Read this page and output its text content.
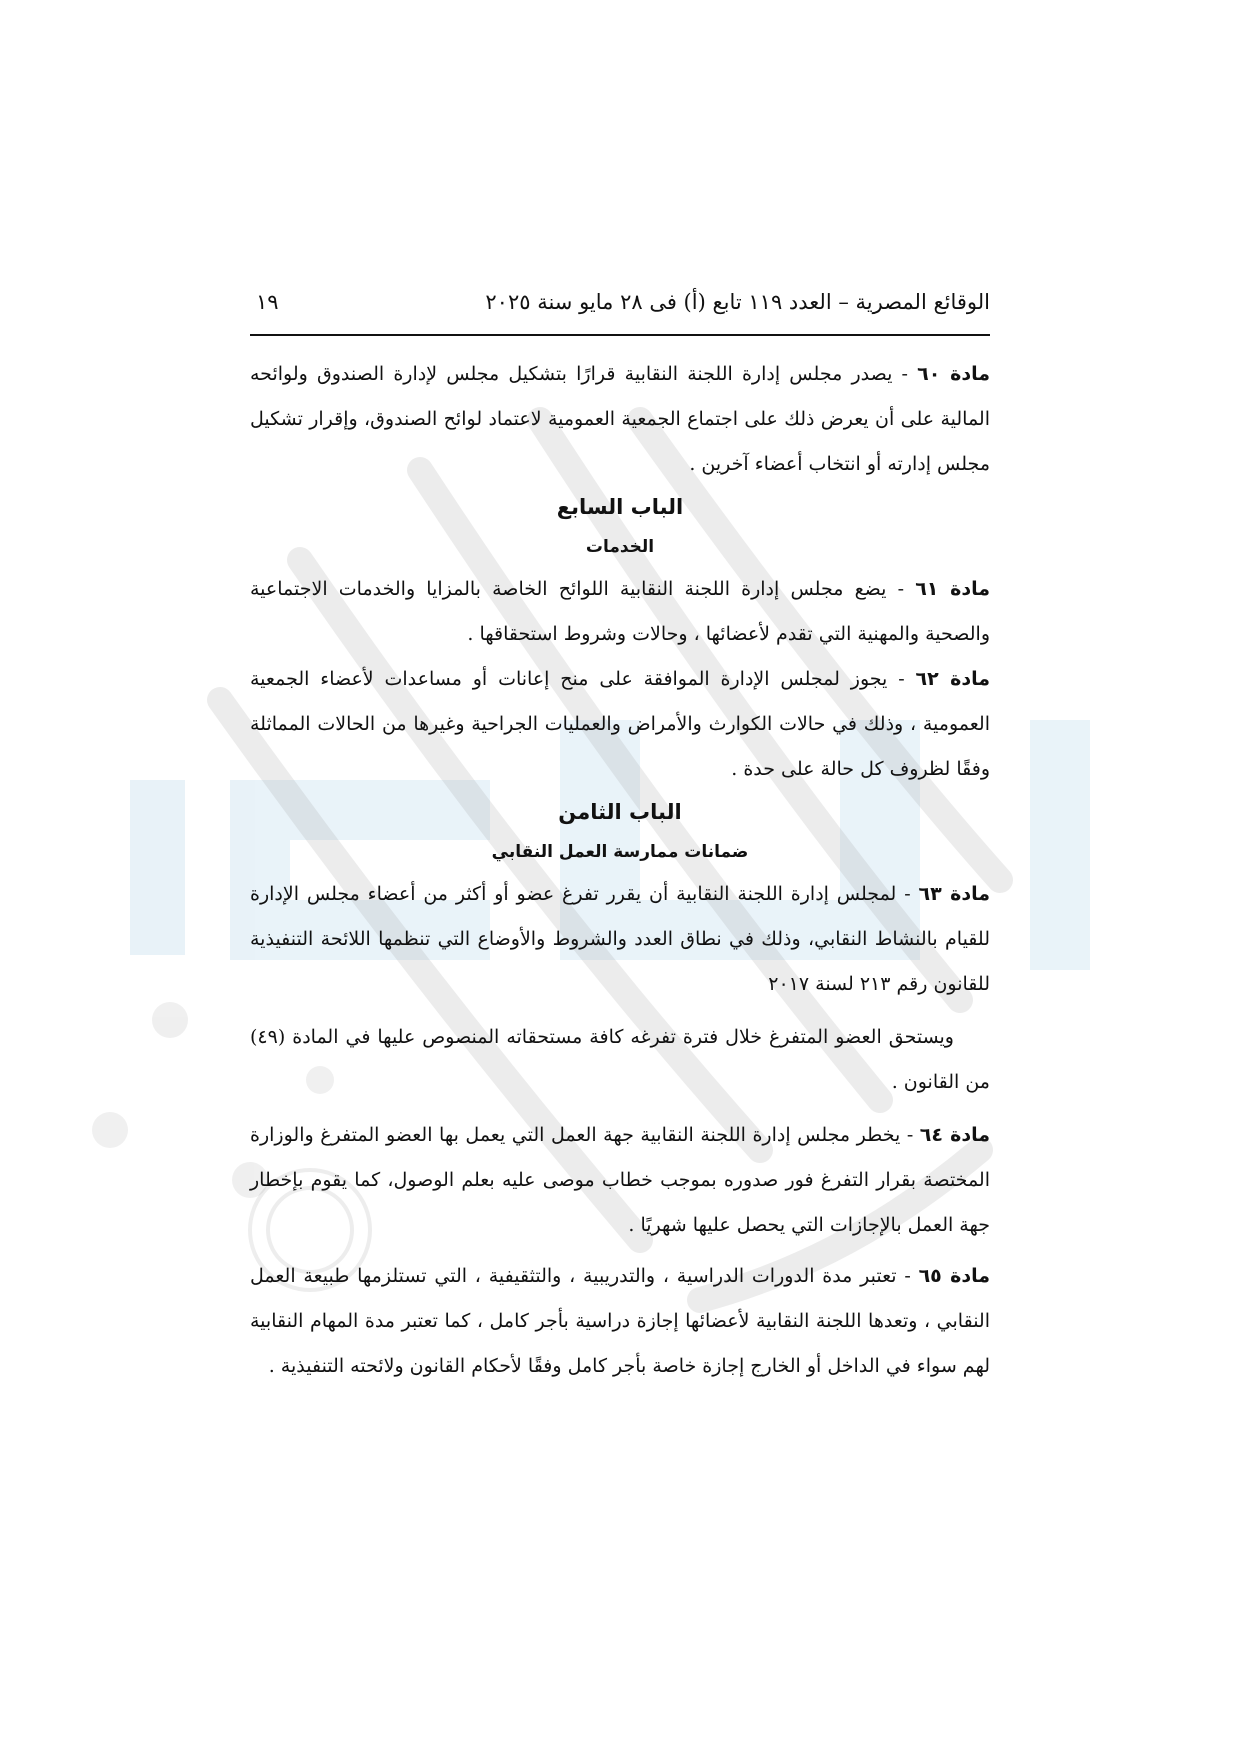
الوقائع المصرية – العدد ١١٩ تابع (أ) فى ٢٨ مايو سنة ٢٠٢٥
١٩

مادة ٦٠ - يصدر مجلس إدارة اللجنة النقابية قرارًا بتشكيل مجلس لإدارة الصندوق ولوائحه المالية على أن يعرض ذلك على اجتماع الجمعية العمومية لاعتماد لوائح الصندوق، وإقرار تشكيل مجلس إدارته أو انتخاب أعضاء آخرين .

الباب السابع
الخدمات

مادة ٦١ - يضع مجلس إدارة اللجنة النقابية اللوائح الخاصة بالمزايا والخدمات الاجتماعية والصحية والمهنية التي تقدم لأعضائها ، وحالات وشروط استحقاقها .

مادة ٦٢ - يجوز لمجلس الإدارة الموافقة على منح إعانات أو مساعدات لأعضاء الجمعية العمومية ، وذلك في حالات الكوارث والأمراض والعمليات الجراحية وغيرها من الحالات المماثلة وفقًا لظروف كل حالة على حدة .

الباب الثامن
ضمانات ممارسة العمل النقابي

مادة ٦٣ - لمجلس إدارة اللجنة النقابية أن يقرر تفرغ عضو أو أكثر من أعضاء مجلس الإدارة للقيام بالنشاط النقابي، وذلك في نطاق العدد والشروط والأوضاع التي تنظمها اللائحة التنفيذية للقانون رقم ٢١٣ لسنة ٢٠١٧

ويستحق العضو المتفرغ خلال فترة تفرغه كافة مستحقاته المنصوص عليها في المادة (٤٩) من القانون .

مادة ٦٤ - يخطر مجلس إدارة اللجنة النقابية جهة العمل التي يعمل بها العضو المتفرغ والوزارة المختصة بقرار التفرغ فور صدوره بموجب خطاب موصى عليه بعلم الوصول، كما يقوم بإخطار جهة العمل بالإجازات التي يحصل عليها شهريًا .

مادة ٦٥ - تعتبر مدة الدورات الدراسية ، والتدريبية ، والتثقيفية ، التي تستلزمها طبيعة العمل النقابي ، وتعدها اللجنة النقابية لأعضائها إجازة دراسية بأجر كامل ، كما تعتبر مدة المهام النقابية لهم سواء في الداخل أو الخارج إجازة خاصة بأجر كامل وفقًا لأحكام القانون ولائحته التنفيذية .
